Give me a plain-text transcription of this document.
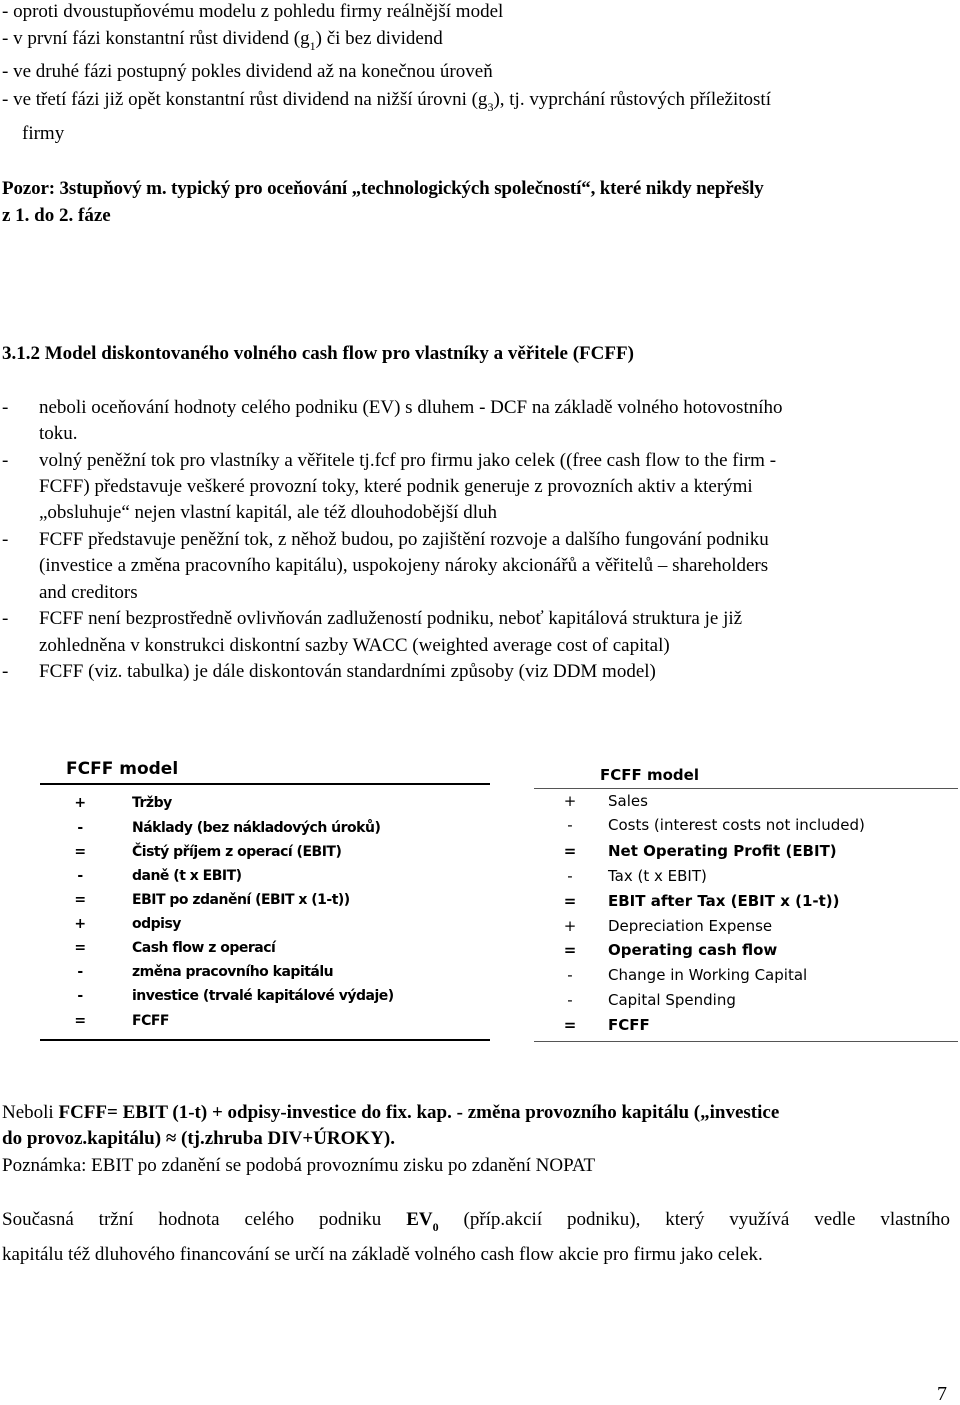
- oproti dvoustupňovému modelu z pohledu firmy reálnější model
- v první fázi konstantní růst dividend $(g_1)$ či bez dividend
- ve druhé fázi postupný pokles dividend až na konečnou úroveň
- ve třetí fázi již opět konstantní růst dividend na nižší úrovni $(g_3)$, tj. vyprchání růstových příležitostí
firmy
Pozor: 3stupňový m. typický pro oceňování „technologických společností“, které nikdy nepřešly
z 1. do 2. fáze
3.1.2 Model diskontovaného volného cash flow pro vlastníky a věřitele (FCFF)
- neboli oceňování hodnoty celého podniku (EV) s dluhem - DCF na základě volného hotovostního
toku.
- volný peněžní tok pro vlastníky a věřitele tj.fcf pro firmu jako celek ((free cash flow to the firm -
FCFF) představuje veškeré provozní toky, které podnik generuje z provozních aktiv a kterými
„obsluhuje“ nejen vlastní kapitál, ale též dlouhodobější dluh
- FCFF představuje peněžní tok, z něhož budou, po zajištění rozvoje a dalšího fungování podniku
(investice a změna pracovního kapitálu), uspokojeny nároky akcionářů a věřitelů – shareholders
and creditors
- FCFF není bezprostředně ovlivňován zadlužeností podniku, neboť kapitálová struktura je již
zohledněna v konstrukci diskontní sazby WACC (weighted average cost of capital)
- FCFF (viz. tabulka) je dále diskontován standardními způsoby (viz DDM model)
FCFF model
+	Tržby
-	Náklady (bez nákladových úroků)
=	Čistý příjem z operací (EBIT)
-	daně (t x EBIT)
=	EBIT po zdanění (EBIT x (1-t))
+	odpisy
=	Cash flow z operací
-	změna pracovního kapitálu
-	investice (trvalé kapitálové výdaje)
=	FCFF
FCFF model
+ Sales
-	Costs (interest costs not included)
= Net Operating Profit (EBIT)
-	Tax (t x EBIT)
= EBIT after Tax (EBIT x (1-t))
+ Depreciation Expense
= Operating cash flow
-	Change in Working Capital
-	Capital Spending
= FCFF
Neboli FCFF= EBIT (1-t) + odpisy-investice do fix. kap. - změna provozního kapitálu („investice
do provoz.kapitálu) ≈ (tj.zhruba DIV+ÚROKY).
Poznámka: EBIT po zdanění se podobá provoznímu zisku po zdanění NOPAT
Současná tržní hodnota celého podniku $EV_0$ (příp.akcií podniku), který využívá vedle vlastního
kapitálu též dluhového financování se určí na základě volného cash flow akcie pro firmu jako celek.
7
